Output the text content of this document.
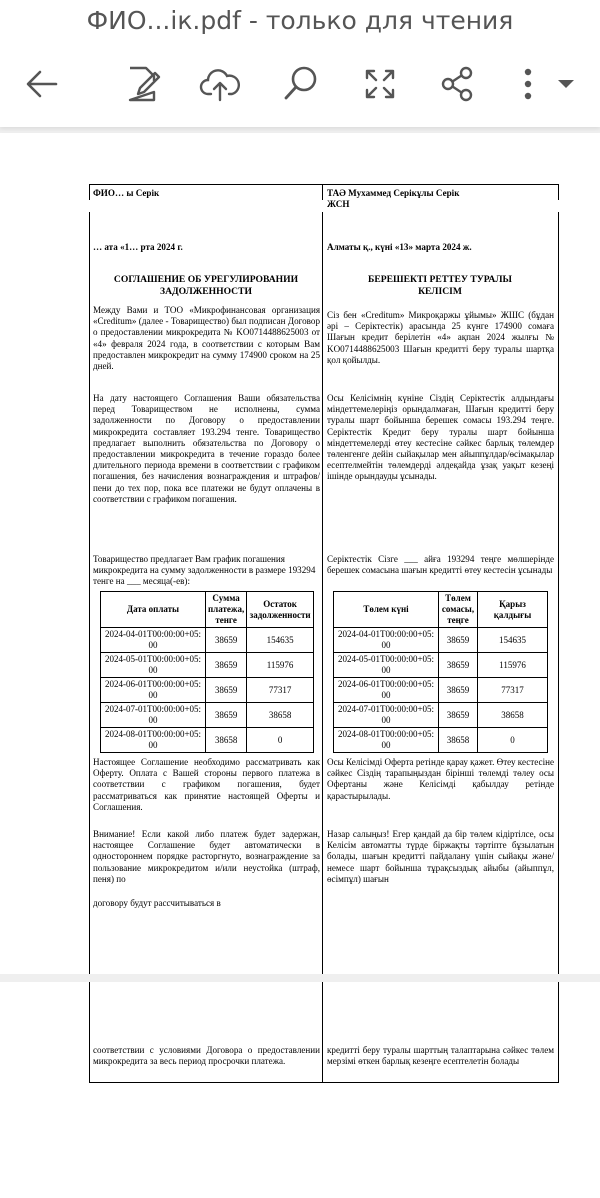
ФИО...ік.pdf - только для чтения
ФИО… ы Серік
… ата «1… рта 2024 г.
СОГЛАШЕНИЕ ОБ УРЕГУЛИРОВАНИИ ЗАДОЛЖЕННОСТИ
Между Вами и ТОО «Микрофинансовая организация «Creditum» (далее - Товарищество) был подписан Договор о предоставлении микрокредита № KO0714488625003 от «4» февраля 2024 года, в соответствии с которым Вам предоставлен микрокредит на сумму 174900 сроком на 25 дней.
На дату настоящего Соглашения Ваши обязательства перед Товариществом не исполнены, сумма задолженности по Договору о предоставлении микрокредита составляет 193.294 тенге. Товарищество предлагает выполнить обязательства по Договору о предоставлении микрокредита в течение гораздо более длительного периода времени в соответствии с графиком погашения, без начисления вознаграждения и штрафов/пени до тех пор, пока все платежи не будут оплачены в соответствии с графиком погашения.
Товарищество предлагает Вам график погашения микрокредита на сумму задолженности в размере 193294 тенге на ___ месяца(-ев):
Дата оплаты	Сумма платежа, тенге	Остаток задолженности
2024-04-01T00:00:00+05:00	38659	154635
2024-05-01T00:00:00+05:00	38659	115976
2024-06-01T00:00:00+05:00	38659	77317
2024-07-01T00:00:00+05:00	38659	38658
2024-08-01T00:00:00+05:00	38658	0
Настоящее Соглашение необходимо рассматривать как Оферту. Оплата с Вашей стороны первого платежа в соответствии с графиком погашения, будет рассматриваться как принятие настоящей Оферты и Соглашения.
Внимание! Если какой либо платеж будет задержан, настоящее Соглашение будет автоматически в одностороннем порядке расторгнуто, вознаграждение за пользование микрокредитом и/или неустойка (штраф, пеня) по
договору будут рассчитываться в
ТАӘ Мухаммед Серікұлы Серік
ЖСН
Алматы қ., күні «13» марта 2024 ж.
БЕРЕШЕКТІ РЕТТЕУ ТУРАЛЫ КЕЛІСІМ
Сіз бен «Creditum» Микроқаржы ұйымы» ЖШС (бұдан әрі – Серіктестік) арасында 25 күнге 174900 сомаға Шағын кредит берілетін «4» ақпан 2024 жылғы № KO0714488625003 Шағын кредитті беру туралы шартқа қол қойылды.
Осы Келісімнің күніне Сіздің Серіктестік алдындағы міндеттемелеріңіз орындалмаған, Шағын кредитті беру туралы шарт бойынша берешек сомасы 193.294 теңге. Серіктестік Кредит беру туралы шарт бойынша міндеттемелерді өтеу кестесіне сәйкес барлық төлемдер төленгенге дейін сыйақылар мен айыппұлдар/өсімақылар есептелмейтін төлемдерді әлдеқайда ұзақ уақыт кезеңі ішінде орындауды ұсынады.
Серіктестік Сізге ___ айға 193294 теңге мөлшеріндe берешек сомасына шағын кредитті өтеу кестесін ұсынады
Төлем күні	Төлем сомасы, теңге	Қарыз қалдығы
2024-04-01T00:00:00+05:00	38659	154635
2024-05-01T00:00:00+05:00	38659	115976
2024-06-01T00:00:00+05:00	38659	77317
2024-07-01T00:00:00+05:00	38659	38658
2024-08-01T00:00:00+05:00	38658	0
Осы Келісімді Оферта ретінде қарау қажет. Өтеу кестесіне сәйкес Сіздің тарапыңыздан бірінші төлемді төлеу осы Офертаны және Келісімді қабылдау ретінде қарастырылады.
Назар салыңыз! Егер қандай да бір төлем кідіртілсе, осы Келісім автоматты түрде біржақты тәртіпте бұзылатын болады, шағын кредитті пайдалану үшін сыйақы және/немесе шарт бойынша тұрақсыздық айыбы (айыппұл, өсімпұл) шағын
соответствии с условиями Договора о предоставлении микрокредита за весь период просрочки платежа.
кредитті беру туралы шарттың талаптарына сәйкес төлем мерзімі өткен барлық кезеңге есептелетін болады
